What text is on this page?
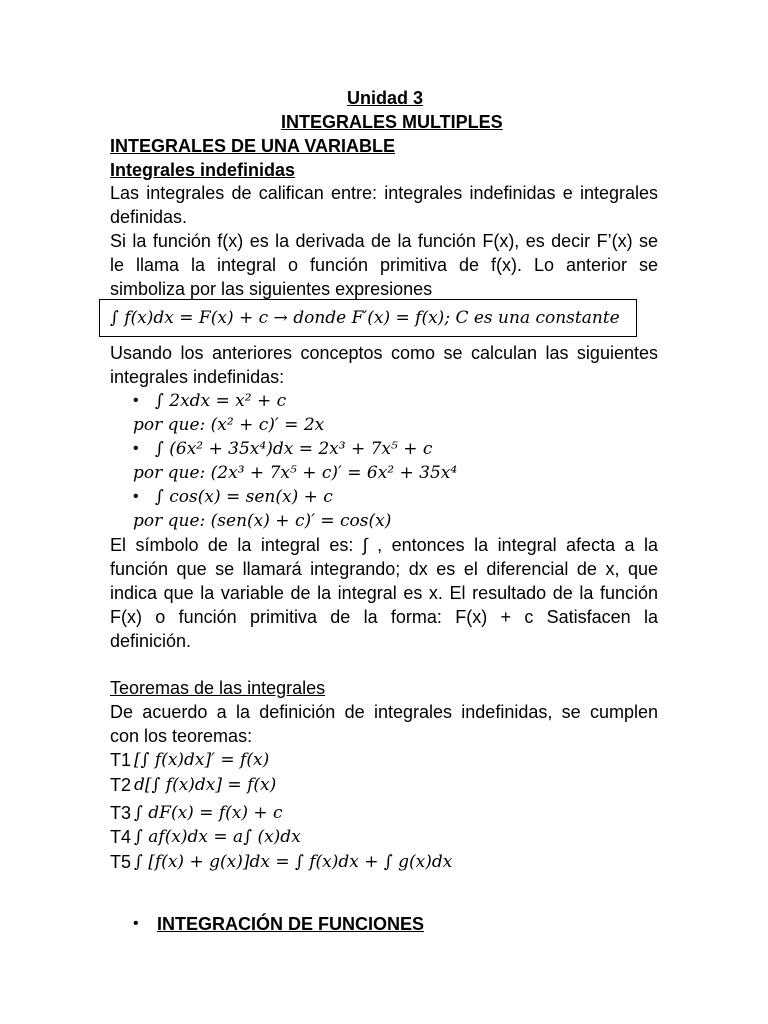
Unidad 3
INTEGRALES MULTIPLES
INTEGRALES DE UNA VARIABLE
Integrales indefinidas
Las integrales de califican entre: integrales indefinidas e integrales
definidas.
Si la función f(x) es la derivada de la función F(x), es decir F’(x) se
le llama la integral o función primitiva de f(x). Lo anterior se
simboliza por las siguientes expresiones
∫ f(x)dx = F(x) + c → donde F′(x) = f(x); C es una constante
Usando los anteriores conceptos como se calculan las siguientes
integrales indefinidas:
• ∫ 2xdx = x² + c
por que: (x² + c)′ = 2x
• ∫ (6x² + 35x⁴)dx = 2x³ + 7x⁵ + c
por que: (2x³ + 7x⁵ + c)′ = 6x² + 35x⁴
• ∫ cos(x) = sen(x) + c
por que: (sen(x) + c)′ = cos(x)
El símbolo de la integral es: ∫ , entonces la integral afecta a la
función que se llamará integrando; dx es el diferencial de x, que
indica que la variable de la integral es x. El resultado de la función
F(x) o función primitiva de la forma: F(x) + c Satisfacen la
definición.
Teoremas de las integrales
De acuerdo a la definición de integrales indefinidas, se cumplen
con los teoremas:
T1 [∫ f(x)dx]′ = f(x)
T2 d[∫ f(x)dx] = f(x)
T3 ∫ dF(x) = f(x) + c
T4 ∫ af(x)dx = a∫ (x)dx
T5 ∫ [f(x) + g(x)]dx = ∫ f(x)dx + ∫ g(x)dx
• INTEGRACIÓN DE FUNCIONES
